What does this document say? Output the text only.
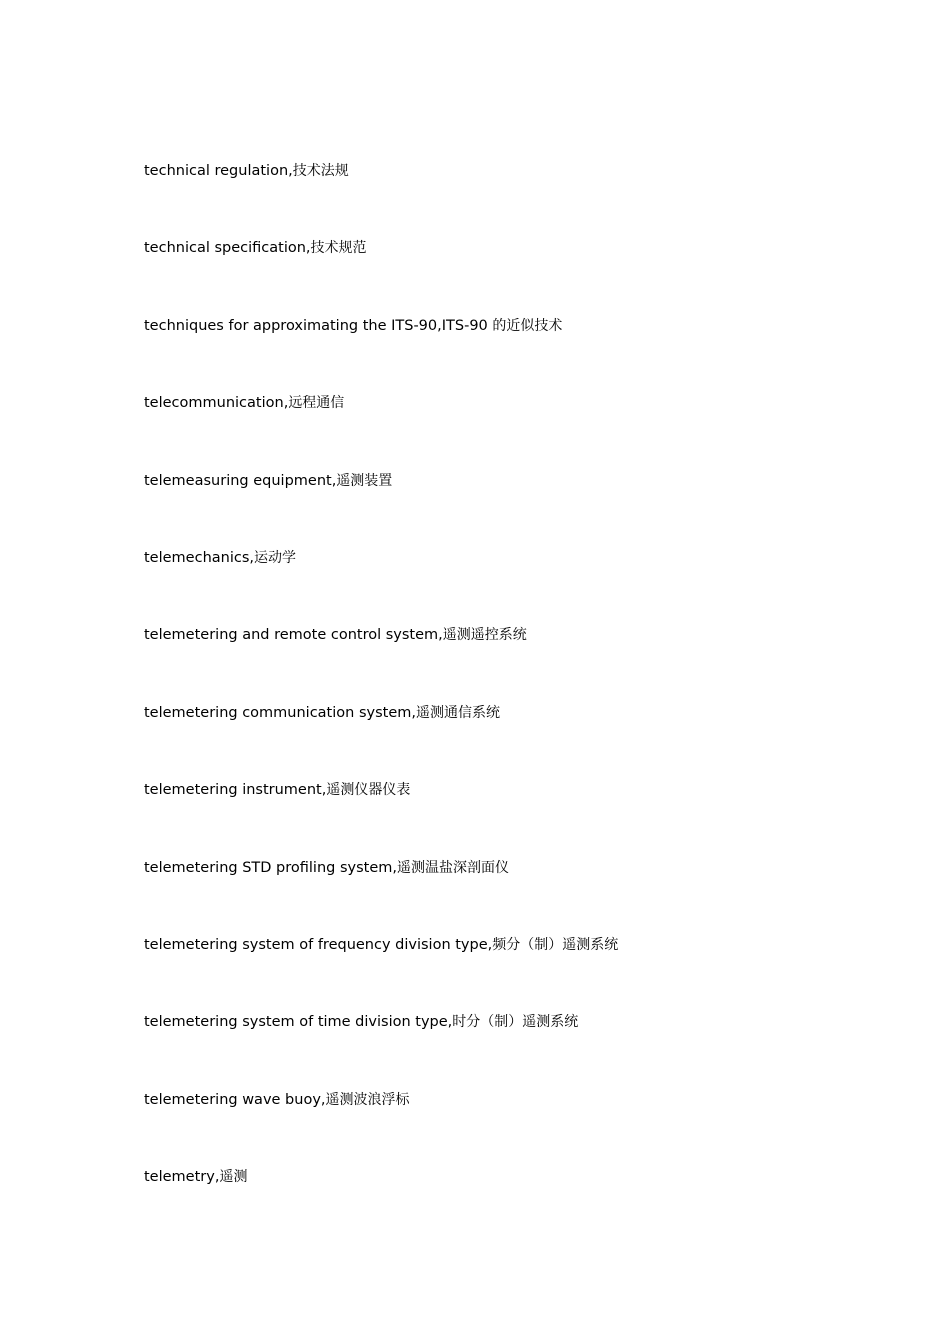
technical regulation,技术法规
technical specification,技术规范
techniques for approximating the ITS-90,ITS-90 的近似技术
telecommunication,远程通信
telemeasuring equipment,遥测装置
telemechanics,运动学
telemetering and remote control system,遥测遥控系统
telemetering communication system,遥测通信系统
telemetering instrument,遥测仪器仪表
telemetering STD profiling system,遥测温盐深剖面仪
telemetering system of frequency division type,频分（制）遥测系统
telemetering system of time division type,时分（制）遥测系统
telemetering wave buoy,遥测波浪浮标
telemetry,遥测
